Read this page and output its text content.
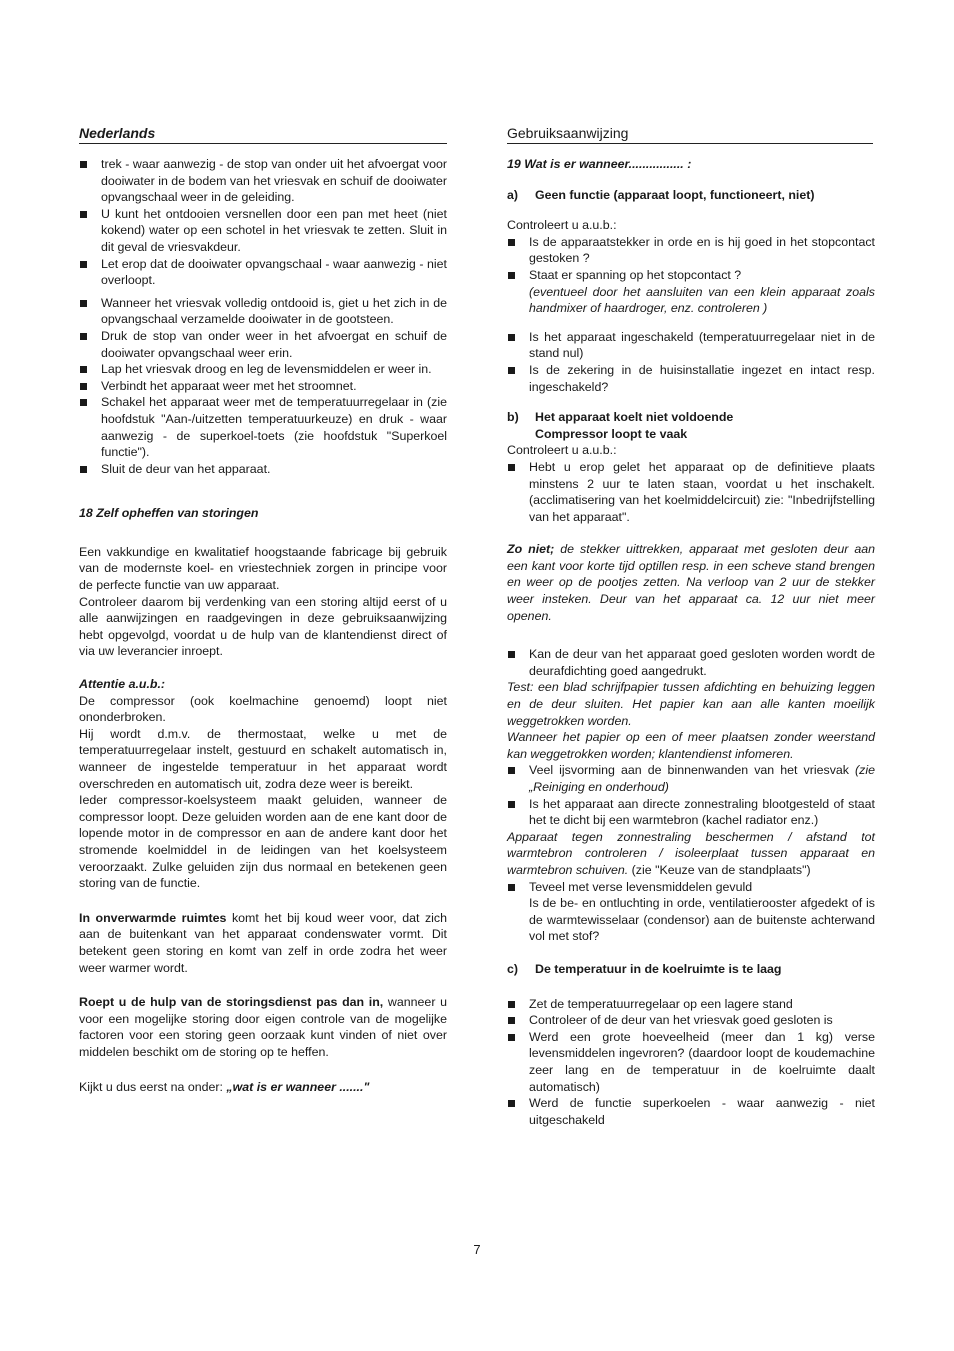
Nederlands
trek - waar aanwezig - de stop van onder uit het afvoergat voor dooiwater in de bodem van het vriesvak en schuif de dooiwater opvangschaal weer in de geleiding.
U kunt het ontdooien versnellen door een pan met heet (niet kokend) water op een schotel in het vriesvak te zetten. Sluit in dit geval de vriesvakdeur.
Let erop dat de dooiwater opvangschaal - waar aanwezig - niet overloopt.
Wanneer het vriesvak volledig ontdooid is, giet u het zich in de opvangschaal verzamelde dooiwater in de gootsteen.
Druk de stop van onder weer in het afvoergat en schuif de dooiwater opvangschaal weer erin.
Lap het vriesvak droog en leg de levensmiddelen er weer in.
Verbindt het apparaat weer met het stroomnet.
Schakel het apparaat weer met de temperatuurregelaar in (zie hoofdstuk "Aan-/uitzetten temperatuurkeuze) en druk - waar aanwezig - de superkoel-toets (zie hoofdstuk "Superkoel functie").
Sluit de deur van het apparaat.

18 Zelf opheffen van storingen

Een vakkundige en kwalitatief hoogstaande fabricage bij gebruik van de modernste koel- en vriestechniek zorgen in principe voor de perfecte functie van uw apparaat.

Controleer daarom bij verdenking van een storing altijd eerst of u alle aanwijzingen en raadgevingen in deze gebruiksaanwijzing hebt opgevolgd, voordat u de hulp van de klantendienst direct of via uw leverancier inroept.

Attentie a.u.b.:

De compressor (ook koelmachine genoemd) loopt niet ononderbroken.

Hij wordt d.m.v. de thermostaat, welke u met de temperatuurregelaar instelt, gestuurd en schakelt automatisch in, wanneer de ingestelde temperatuur in het apparaat wordt overschreden en automatisch uit, zodra deze weer is bereikt.

Ieder compressor-koelsysteem maakt geluiden, wanneer de compressor loopt. Deze geluiden worden aan de ene kant door de lopende motor in de compressor en aan de andere kant door het stromende koelmiddel in de leidingen van het koelsysteem veroorzaakt. Zulke geluiden zijn dus normaal en betekenen geen storing van de functie.

In onverwarmde ruimtes komt het bij koud weer voor, dat zich aan de buitenkant van het apparaat condenswater vormt. Dit betekent geen storing en komt van zelf in orde zodra het weer weer warmer wordt.

Roept u de hulp van de storingsdienst pas dan in, wanneer u voor een mogelijke storing door eigen controle van de mogelijke factoren voor een storing geen oorzaak kunt vinden of niet over middelen beschikt om de storing op te heffen.

Kijkt u dus eerst na onder: „wat is er wanneer ......."

Gebruiksaanwijzing

19 Wat is er wanneer................ :

a)	Geen functie (apparaat loopt, functioneert, niet)

Controleert u a.u.b.:

Is de apparaatstekker in orde en is hij goed in het stopcontact gestoken ?
Staat er spanning op het stopcontact ?
(eventueel door het aansluiten van een klein apparaat zoals handmixer of haardroger, enz. controleren )
Is het apparaat ingeschakeld (temperatuurregelaar niet in de stand nul)
Is de zekering in de huisinstallatie ingezet en intact resp. ingeschakeld?
b)	Het apparaat koelt niet voldoende
Compressor loopt te vaak

Controleert u a.u.b.:

Hebt u erop gelet het apparaat op de definitieve plaats minstens 2 uur te laten staan, voordat u het inschakelt. (acclimatisering van het koelmiddelcircuit) zie: "Inbedrijfstelling van het apparaat".

Zo niet; de stekker uittrekken, apparaat met gesloten deur aan een kant voor korte tijd optillen resp. in een scheve stand brengen en weer op de pootjes zetten. Na verloop van 2 uur de stekker weer insteken. Deur van het apparaat ca. 12 uur niet meer openen.

Kan de deur van het apparaat goed gesloten worden wordt de deurafdichting goed aangedrukt.

Test: een blad schrijfpapier tussen afdichting en behuizing leggen en de deur sluiten. Het papier kan aan alle kanten moeilijk weggetrokken worden.

Wanneer het papier op een of meer plaatsen zonder weerstand kan weggetrokken worden; klantendienst infomeren.

Veel ijsvorming aan de binnenwanden van het vriesvak (zie „Reiniging en onderhoud)
Is het apparaat aan directe zonnestraling blootgesteld of staat het te dicht bij een warmtebron (kachel radiator enz.)

Apparaat tegen zonnestraling beschermen / afstand tot warmtebron controleren / isoleerplaat tussen apparaat en warmtebron schuiven. (zie "Keuze van de standplaats")

Teveel met verse levensmiddelen gevuld
Is de be- en ontluchting in orde, ventilatierooster afgedekt of is de warmtewisselaar (condensor) aan de buitenste achterwand vol met stof?
c)	De temperatuur in de koelruimte is te laag
Zet de temperatuurregelaar op een lagere stand
Controleer of de deur van het vriesvak goed gesloten is
Werd een grote hoeveelheid (meer dan 1 kg) verse levensmiddelen ingevroren? (daardoor loopt de koudemachine zeer lang en de temperatuur in de koelruimte daalt automatisch)
Werd de functie superkoelen - waar aanwezig - niet uitgeschakeld
7
